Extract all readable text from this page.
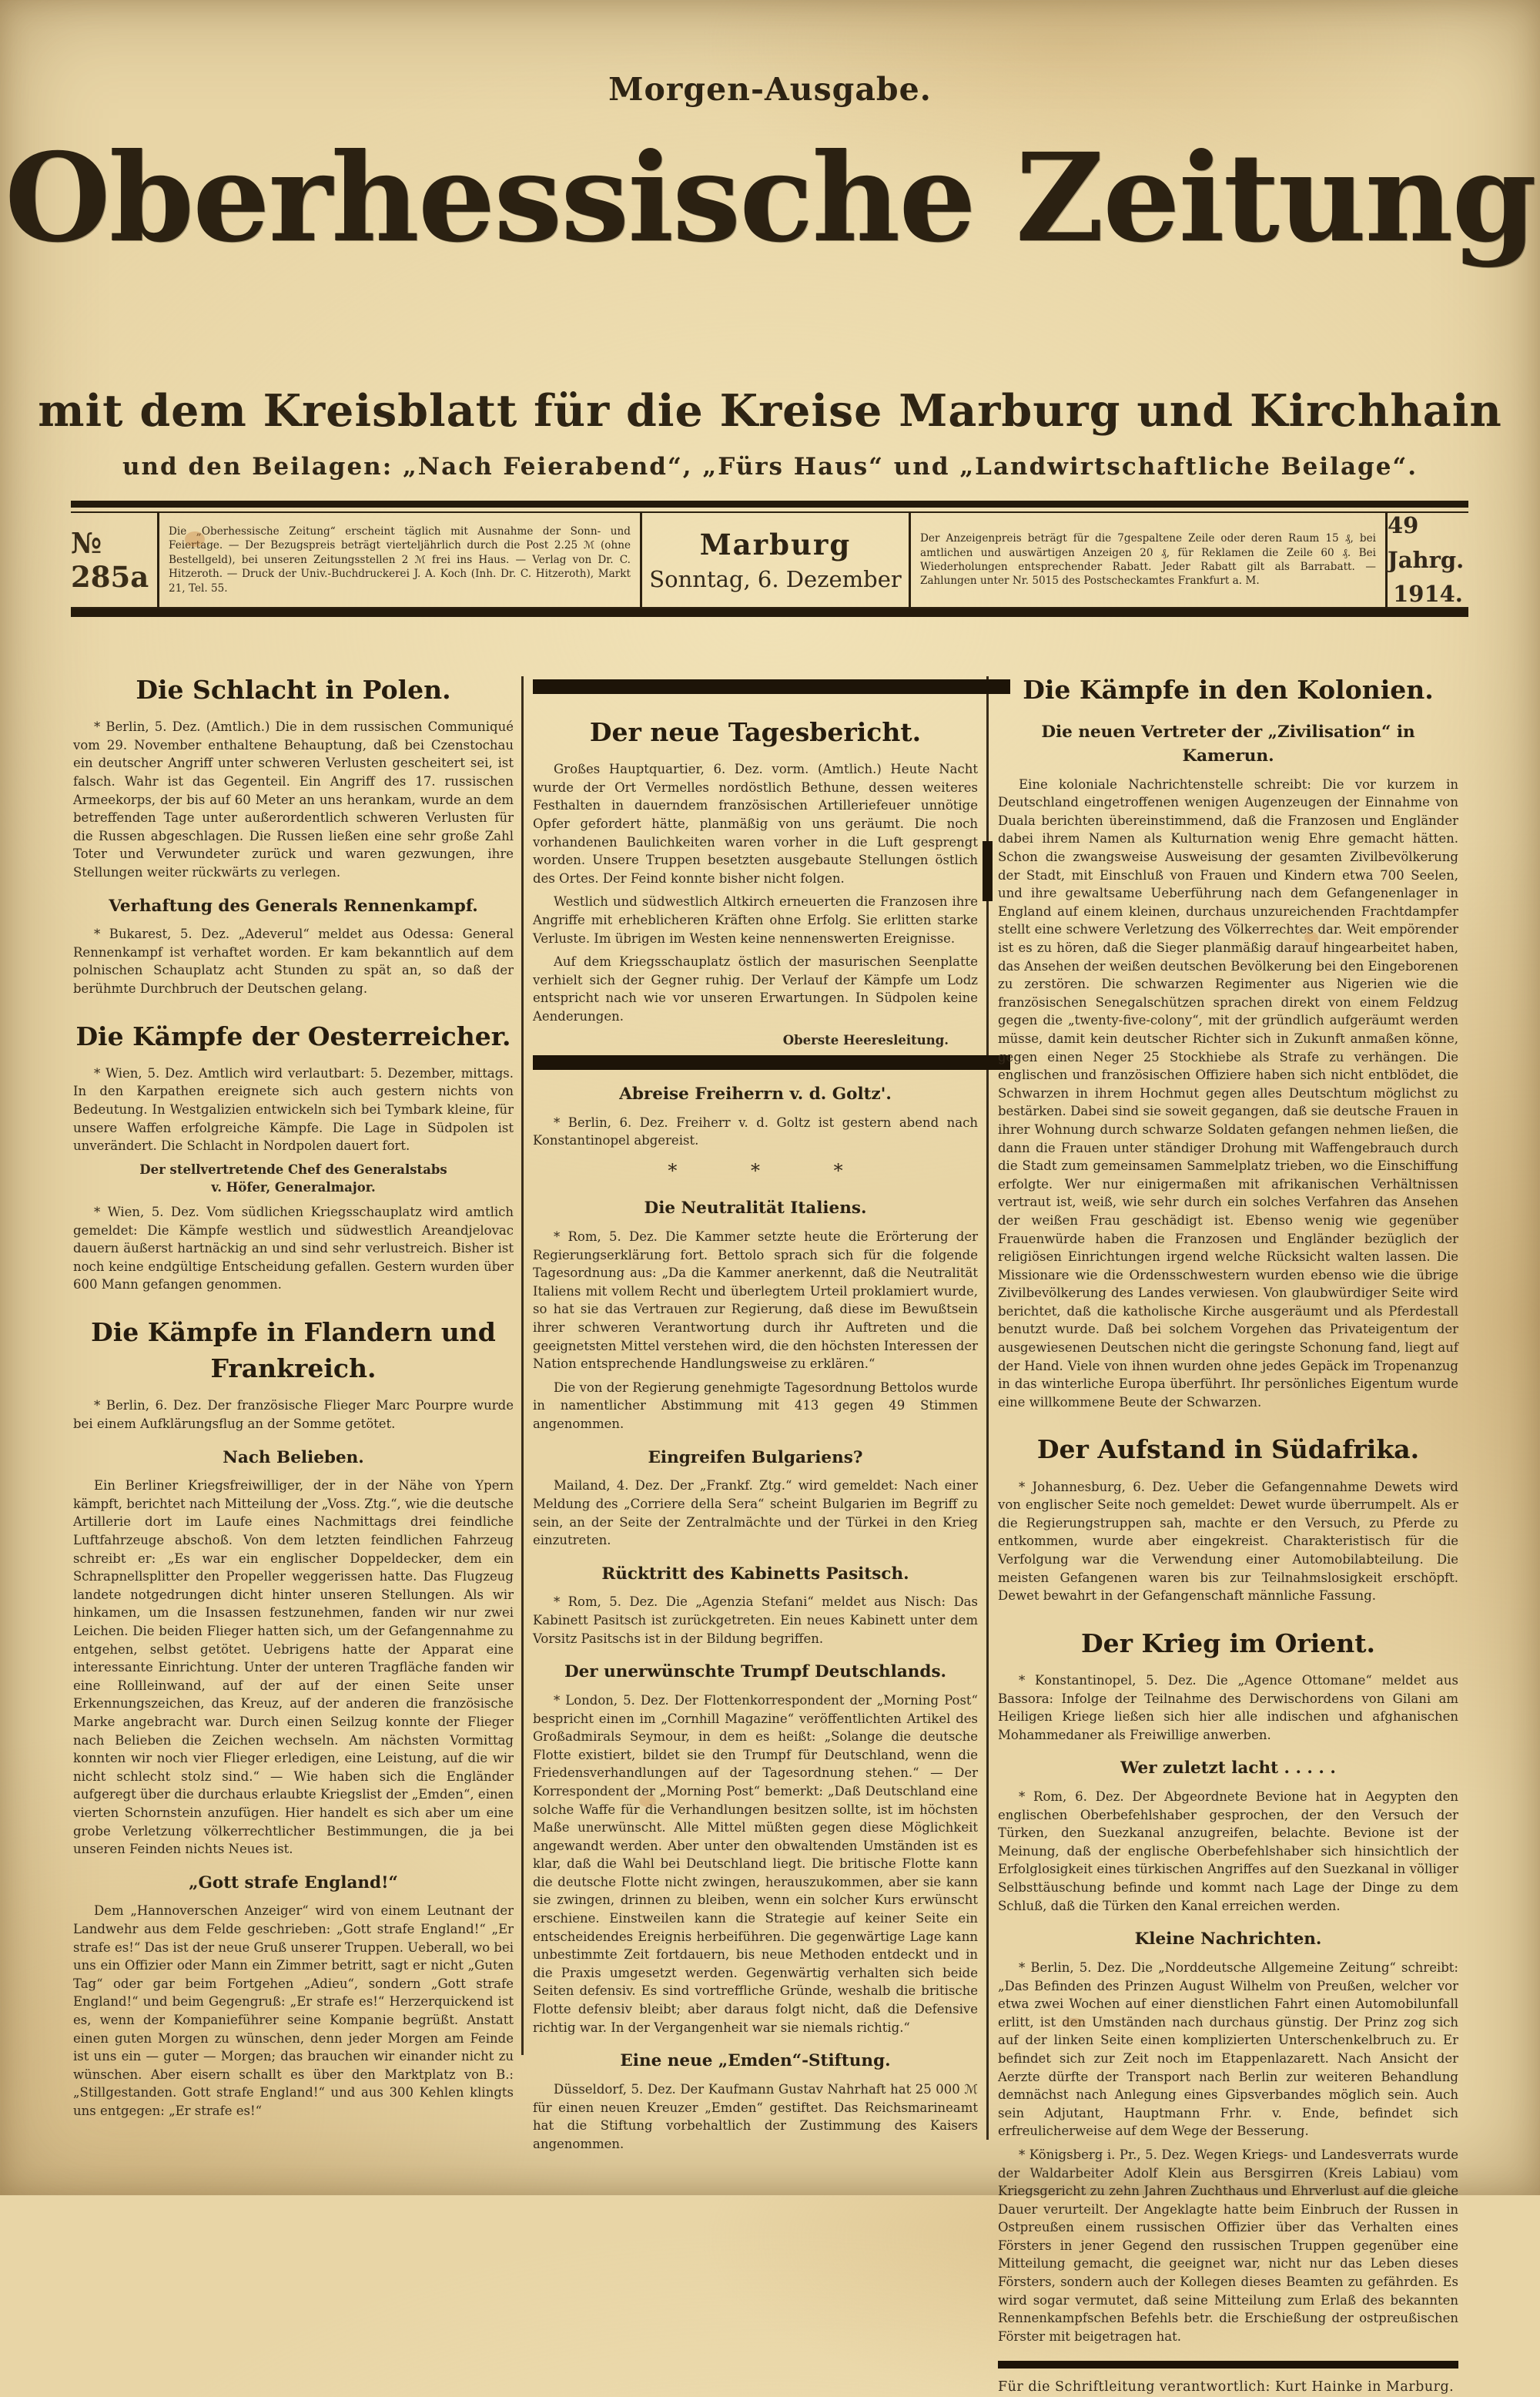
Morgen-Ausgabe.
Oberhessische Zeitung
mit dem Kreisblatt für die Kreise Marburg und Kirchhain
und den Beilagen: „Nach Feierabend“, „Fürs Haus“ und „Landwirtschaftliche Beilage“.
№ 285a
Die „Oberhessische Zeitung“ erscheint täglich mit Ausnahme der Sonn- und Feiertage. — Der Bezugspreis beträgt vierteljährlich durch die Post 2.25 ℳ (ohne Bestellgeld), bei unseren Zeitungsstellen 2 ℳ frei ins Haus. — Verlag von Dr. C. Hitzeroth. — Druck der Univ.-Buchdruckerei J. A. Koch (Inh. Dr. C. Hitzeroth), Markt 21, Tel. 55.
Marburg
Sonntag, 6. Dezember
Der Anzeigenpreis beträgt für die 7gespaltene Zeile oder deren Raum 15 ₰, bei amtlichen und auswärtigen Anzeigen 20 ₰, für Reklamen die Zeile 60 ₰. Bei Wiederholungen entsprechender Rabatt. Jeder Rabatt gilt als Barrabatt. — Zahlungen unter Nr. 5015 des Postscheckamtes Frankfurt a. M.
49 Jahrg.
1914.
Die Schlacht in Polen.
* Berlin, 5. Dez. (Amtlich.) Die in dem russischen Communiqué vom 29. November enthaltene Behauptung, daß bei Czenstochau ein deutscher Angriff unter schweren Verlusten gescheitert sei, ist falsch. Wahr ist das Gegenteil. Ein Angriff des 17. russischen Armeekorps, der bis auf 60 Meter an uns herankam, wurde an dem betreffenden Tage unter außerordentlich schweren Verlusten für die Russen abgeschlagen. Die Russen ließen eine sehr große Zahl Toter und Verwundeter zurück und waren gezwungen, ihre Stellungen weiter rückwärts zu verlegen.
Verhaftung des Generals Rennenkampf.
* Bukarest, 5. Dez. „Adeverul“ meldet aus Odessa: General Rennenkampf ist verhaftet worden. Er kam bekanntlich auf dem polnischen Schauplatz acht Stunden zu spät an, so daß der berühmte Durchbruch der Deutschen gelang.
Die Kämpfe der Oesterreicher.
* Wien, 5. Dez. Amtlich wird verlautbart: 5. Dezember, mittags. In den Karpathen ereignete sich auch gestern nichts von Bedeutung. In Westgalizien entwickeln sich bei Tymbark kleine, für unsere Waffen erfolgreiche Kämpfe. Die Lage in Südpolen ist unverändert. Die Schlacht in Nordpolen dauert fort.
Der stellvertretende Chef des Generalstabs
v. Höfer, Generalmajor.
* Wien, 5. Dez. Vom südlichen Kriegsschauplatz wird amtlich gemeldet: Die Kämpfe westlich und südwestlich Areandjelovac dauern äußerst hartnäckig an und sind sehr verlustreich. Bisher ist noch keine endgültige Entscheidung gefallen. Gestern wurden über 600 Mann gefangen genommen.
Die Kämpfe in Flandern und Frankreich.
* Berlin, 6. Dez. Der französische Flieger Marc Pourpre wurde bei einem Aufklärungsflug an der Somme getötet.
Nach Belieben.
Ein Berliner Kriegsfreiwilliger, der in der Nähe von Ypern kämpft, berichtet nach Mitteilung der „Voss. Ztg.“, wie die deutsche Artillerie dort im Laufe eines Nachmittags drei feindliche Luftfahrzeuge abschoß. Von dem letzten feindlichen Fahrzeug schreibt er: „Es war ein englischer Doppeldecker, dem ein Schrapnellsplitter den Propeller weggerissen hatte. Das Flugzeug landete notgedrungen dicht hinter unseren Stellungen. Als wir hinkamen, um die Insassen festzunehmen, fanden wir nur zwei Leichen. Die beiden Flieger hatten sich, um der Gefangennahme zu entgehen, selbst getötet. Uebrigens hatte der Apparat eine interessante Einrichtung. Unter der unteren Tragfläche fanden wir eine Rollleinwand, auf der auf der einen Seite unser Erkennungszeichen, das Kreuz, auf der anderen die französische Marke angebracht war. Durch einen Seilzug konnte der Flieger nach Belieben die Zeichen wechseln. Am nächsten Vormittag konnten wir noch vier Flieger erledigen, eine Leistung, auf die wir nicht schlecht stolz sind.“ — Wie haben sich die Engländer aufgeregt über die durchaus erlaubte Kriegslist der „Emden“, einen vierten Schornstein anzufügen. Hier handelt es sich aber um eine grobe Verletzung völkerrechtlicher Bestimmungen, die ja bei unseren Feinden nichts Neues ist.
„Gott strafe England!“
Dem „Hannoverschen Anzeiger“ wird von einem Leutnant der Landwehr aus dem Felde geschrieben: „Gott strafe England!“ „Er strafe es!“ Das ist der neue Gruß unserer Truppen. Ueberall, wo bei uns ein Offizier oder Mann ein Zimmer betritt, sagt er nicht „Guten Tag“ oder gar beim Fortgehen „Adieu“, sondern „Gott strafe England!“ und beim Gegengruß: „Er strafe es!“ Herzerquickend ist es, wenn der Kompanieführer seine Kompanie begrüßt. Anstatt einen guten Morgen zu wünschen, denn jeder Morgen am Feinde ist uns ein — guter — Morgen; das brauchen wir einander nicht zu wünschen. Aber eisern schallt es über den Marktplatz von B.: „Stillgestanden. Gott strafe England!“ und aus 300 Kehlen klingts uns entgegen: „Er strafe es!“
Der neue Tagesbericht.
Großes Hauptquartier, 6. Dez. vorm. (Amtlich.) Heute Nacht wurde der Ort Vermelles nordöstlich Bethune, dessen weiteres Festhalten in dauerndem französischen Artilleriefeuer unnötige Opfer gefordert hätte, planmäßig von uns geräumt. Die noch vorhandenen Baulichkeiten waren vorher in die Luft gesprengt worden. Unsere Truppen besetzten ausgebaute Stellungen östlich des Ortes. Der Feind konnte bisher nicht folgen.
Westlich und südwestlich Altkirch erneuerten die Franzosen ihre Angriffe mit erheblicheren Kräften ohne Erfolg. Sie erlitten starke Verluste. Im übrigen im Westen keine nennenswerten Ereignisse.
Auf dem Kriegsschauplatz östlich der masurischen Seenplatte verhielt sich der Gegner ruhig. Der Verlauf der Kämpfe um Lodz entspricht nach wie vor unseren Erwartungen. In Südpolen keine Aenderungen.
Oberste Heeresleitung.
Abreise Freiherrn v. d. Goltz'.
* Berlin, 6. Dez. Freiherr v. d. Goltz ist gestern abend nach Konstantinopel abgereist.
* * *
Die Neutralität Italiens.
* Rom, 5. Dez. Die Kammer setzte heute die Erörterung der Regierungserklärung fort. Bettolo sprach sich für die folgende Tagesordnung aus: „Da die Kammer anerkennt, daß die Neutralität Italiens mit vollem Recht und überlegtem Urteil proklamiert wurde, so hat sie das Vertrauen zur Regierung, daß diese im Bewußtsein ihrer schweren Verantwortung durch ihr Auftreten und die geeignetsten Mittel verstehen wird, die den höchsten Interessen der Nation entsprechende Handlungsweise zu erklären.“
Die von der Regierung genehmigte Tagesordnung Bettolos wurde in namentlicher Abstimmung mit 413 gegen 49 Stimmen angenommen.
Eingreifen Bulgariens?
Mailand, 4. Dez. Der „Frankf. Ztg.“ wird gemeldet: Nach einer Meldung des „Corriere della Sera“ scheint Bulgarien im Begriff zu sein, an der Seite der Zentralmächte und der Türkei in den Krieg einzutreten.
Rücktritt des Kabinetts Pasitsch.
* Rom, 5. Dez. Die „Agenzia Stefani“ meldet aus Nisch: Das Kabinett Pasitsch ist zurückgetreten. Ein neues Kabinett unter dem Vorsitz Pasitschs ist in der Bildung begriffen.
Der unerwünschte Trumpf Deutschlands.
* London, 5. Dez. Der Flottenkorrespondent der „Morning Post“ bespricht einen im „Cornhill Magazine“ veröffentlichten Artikel des Großadmirals Seymour, in dem es heißt: „Solange die deutsche Flotte existiert, bildet sie den Trumpf für Deutschland, wenn die Friedensverhandlungen auf der Tagesordnung stehen.“ — Der Korrespondent der „Morning Post“ bemerkt: „Daß Deutschland eine solche Waffe für die Verhandlungen besitzen sollte, ist im höchsten Maße unerwünscht. Alle Mittel müßten gegen diese Möglichkeit angewandt werden. Aber unter den obwaltenden Umständen ist es klar, daß die Wahl bei Deutschland liegt. Die britische Flotte kann die deutsche Flotte nicht zwingen, herauszukommen, aber sie kann sie zwingen, drinnen zu bleiben, wenn ein solcher Kurs erwünscht erschiene. Einstweilen kann die Strategie auf keiner Seite ein entscheidendes Ereignis herbeiführen. Die gegenwärtige Lage kann unbestimmte Zeit fortdauern, bis neue Methoden entdeckt und in die Praxis umgesetzt werden. Gegenwärtig verhalten sich beide Seiten defensiv. Es sind vortreffliche Gründe, weshalb die britische Flotte defensiv bleibt; aber daraus folgt nicht, daß die Defensive richtig war. In der Vergangenheit war sie niemals richtig.“
Eine neue „Emden“-Stiftung.
Düsseldorf, 5. Dez. Der Kaufmann Gustav Nahrhaft hat 25 000 ℳ für einen neuen Kreuzer „Emden“ gestiftet. Das Reichsmarineamt hat die Stiftung vorbehaltlich der Zustimmung des Kaisers angenommen.
Die Kämpfe in den Kolonien.
Die neuen Vertreter der „Zivilisation“ in Kamerun.
Eine koloniale Nachrichtenstelle schreibt: Die vor kurzem in Deutschland eingetroffenen wenigen Augenzeugen der Einnahme von Duala berichten übereinstimmend, daß die Franzosen und Engländer dabei ihrem Namen als Kulturnation wenig Ehre gemacht hätten. Schon die zwangsweise Ausweisung der gesamten Zivilbevölkerung der Stadt, mit Einschluß von Frauen und Kindern etwa 700 Seelen, und ihre gewaltsame Ueberführung nach dem Gefangenenlager in England auf einem kleinen, durchaus unzureichenden Frachtdampfer stellt eine schwere Verletzung des Völkerrechtes dar. Weit empörender ist es zu hören, daß die Sieger planmäßig darauf hingearbeitet haben, das Ansehen der weißen deutschen Bevölkerung bei den Eingeborenen zu zerstören. Die schwarzen Regimenter aus Nigerien wie die französischen Senegalschützen sprachen direkt von einem Feldzug gegen die „twenty-five-colony“, mit der gründlich aufgeräumt werden müsse, damit kein deutscher Richter sich in Zukunft anmaßen könne, gegen einen Neger 25 Stockhiebe als Strafe zu verhängen. Die englischen und französischen Offiziere haben sich nicht entblödet, die Schwarzen in ihrem Hochmut gegen alles Deutschtum möglichst zu bestärken. Dabei sind sie soweit gegangen, daß sie deutsche Frauen in ihrer Wohnung durch schwarze Soldaten gefangen nehmen ließen, die dann die Frauen unter ständiger Drohung mit Waffengebrauch durch die Stadt zum gemeinsamen Sammelplatz trieben, wo die Einschiffung erfolgte. Wer nur einigermaßen mit afrikanischen Verhältnissen vertraut ist, weiß, wie sehr durch ein solches Verfahren das Ansehen der weißen Frau geschädigt ist. Ebenso wenig wie gegenüber Frauenwürde haben die Franzosen und Engländer bezüglich der religiösen Einrichtungen irgend welche Rücksicht walten lassen. Die Missionare wie die Ordensschwestern wurden ebenso wie die übrige Zivilbevölkerung des Landes verwiesen. Von glaubwürdiger Seite wird berichtet, daß die katholische Kirche ausgeräumt und als Pferdestall benutzt wurde. Daß bei solchem Vorgehen das Privateigentum der ausgewiesenen Deutschen nicht die geringste Schonung fand, liegt auf der Hand. Viele von ihnen wurden ohne jedes Gepäck im Tropenanzug in das winterliche Europa überführt. Ihr persönliches Eigentum wurde eine willkommene Beute der Schwarzen.
Der Aufstand in Südafrika.
* Johannesburg, 6. Dez. Ueber die Gefangennahme Dewets wird von englischer Seite noch gemeldet: Dewet wurde überrumpelt. Als er die Regierungstruppen sah, machte er den Versuch, zu Pferde zu entkommen, wurde aber eingekreist. Charakteristisch für die Verfolgung war die Verwendung einer Automobilabteilung. Die meisten Gefangenen waren bis zur Teilnahmslosigkeit erschöpft. Dewet bewahrt in der Gefangenschaft männliche Fassung.
Der Krieg im Orient.
* Konstantinopel, 5. Dez. Die „Agence Ottomane“ meldet aus Bassora: Infolge der Teilnahme des Derwischordens von Gilani am Heiligen Kriege ließen sich hier alle indischen und afghanischen Mohammedaner als Freiwillige anwerben.
Wer zuletzt lacht . . . . .
* Rom, 6. Dez. Der Abgeordnete Bevione hat in Aegypten den englischen Oberbefehlshaber gesprochen, der den Versuch der Türken, den Suezkanal anzugreifen, belachte. Bevione ist der Meinung, daß der englische Oberbefehlshaber sich hinsichtlich der Erfolglosigkeit eines türkischen Angriffes auf den Suezkanal in völliger Selbsttäuschung befinde und kommt nach Lage der Dinge zu dem Schluß, daß die Türken den Kanal erreichen werden.
Kleine Nachrichten.
* Berlin, 5. Dez. Die „Norddeutsche Allgemeine Zeitung“ schreibt: „Das Befinden des Prinzen August Wilhelm von Preußen, welcher vor etwa zwei Wochen auf einer dienstlichen Fahrt einen Automobilunfall erlitt, ist den Umständen nach durchaus günstig. Der Prinz zog sich auf der linken Seite einen komplizierten Unterschenkelbruch zu. Er befindet sich zur Zeit noch im Etappenlazarett. Nach Ansicht der Aerzte dürfte der Transport nach Berlin zur weiteren Behandlung demnächst nach Anlegung eines Gipsverbandes möglich sein. Auch sein Adjutant, Hauptmann Frhr. v. Ende, befindet sich erfreulicherweise auf dem Wege der Besserung.
* Königsberg i. Pr., 5. Dez. Wegen Kriegs- und Landesverrats wurde der Waldarbeiter Adolf Klein aus Bersgirren (Kreis Labiau) vom Kriegsgericht zu zehn Jahren Zuchthaus und Ehrverlust auf die gleiche Dauer verurteilt. Der Angeklagte hatte beim Einbruch der Russen in Ostpreußen einem russischen Offizier über das Verhalten eines Försters in jener Gegend den russischen Truppen gegenüber eine Mitteilung gemacht, die geeignet war, nicht nur das Leben dieses Försters, sondern auch der Kollegen dieses Beamten zu gefährden. Es wird sogar vermutet, daß seine Mitteilung zum Erlaß des bekannten Rennenkampfschen Befehls betr. die Erschießung der ostpreußischen Förster mit beigetragen hat.
Für die Schriftleitung verantwortlich: Kurt Hainke in Marburg.
